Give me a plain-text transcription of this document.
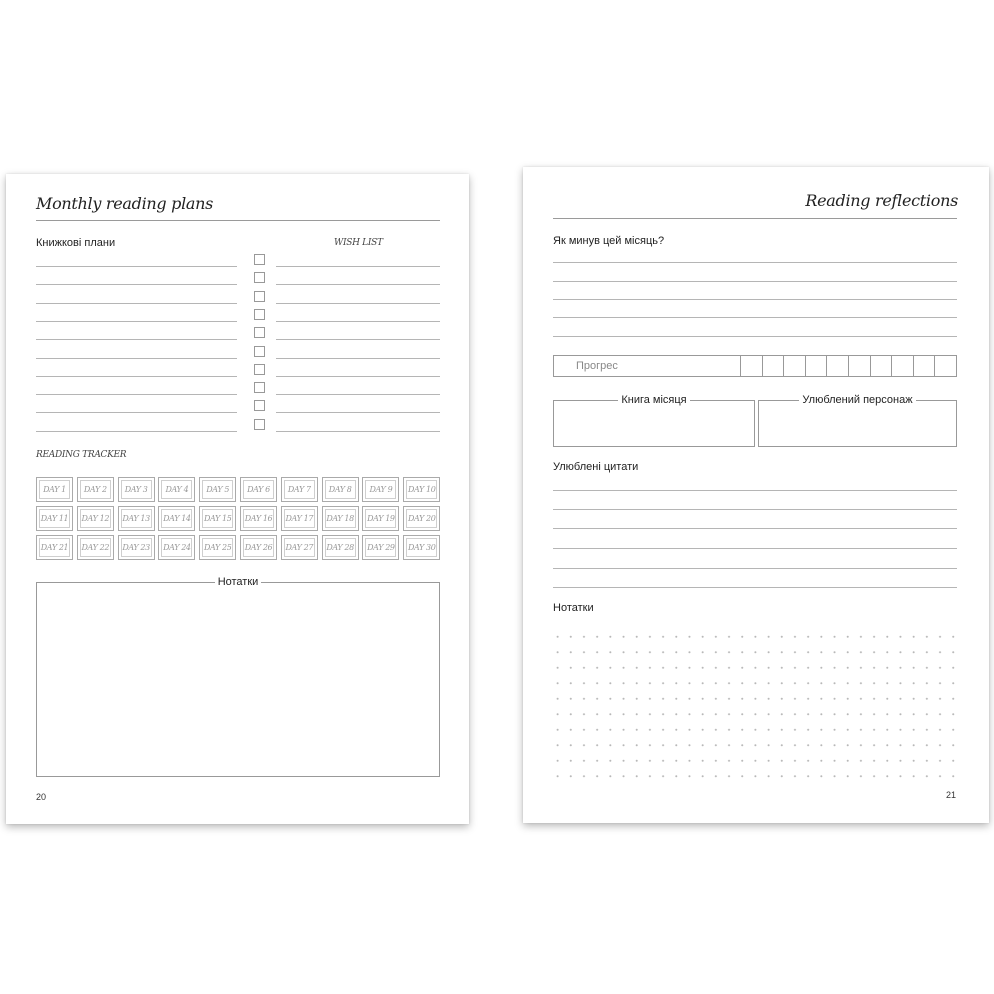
Monthly reading plans
Книжкові плани	WISH LIST
READING TRACKER
DAY 1 DAY 2 DAY 3 DAY 4 DAY 5 DAY 6 DAY 7 DAY 8 DAY 9 DAY 10
DAY 11 DAY 12 DAY 13 DAY 14 DAY 15 DAY 16 DAY 17 DAY 18 DAY 19 DAY 20
DAY 21 DAY 22 DAY 23 DAY 24 DAY 25 DAY 26 DAY 27 DAY 28 DAY 29 DAY 30
Нотатки
20
Reading reflections
Як минув цей місяць?
Прогрес
Книга місяця	Улюблений персонаж
Улюблені цитати
Нотатки
21
